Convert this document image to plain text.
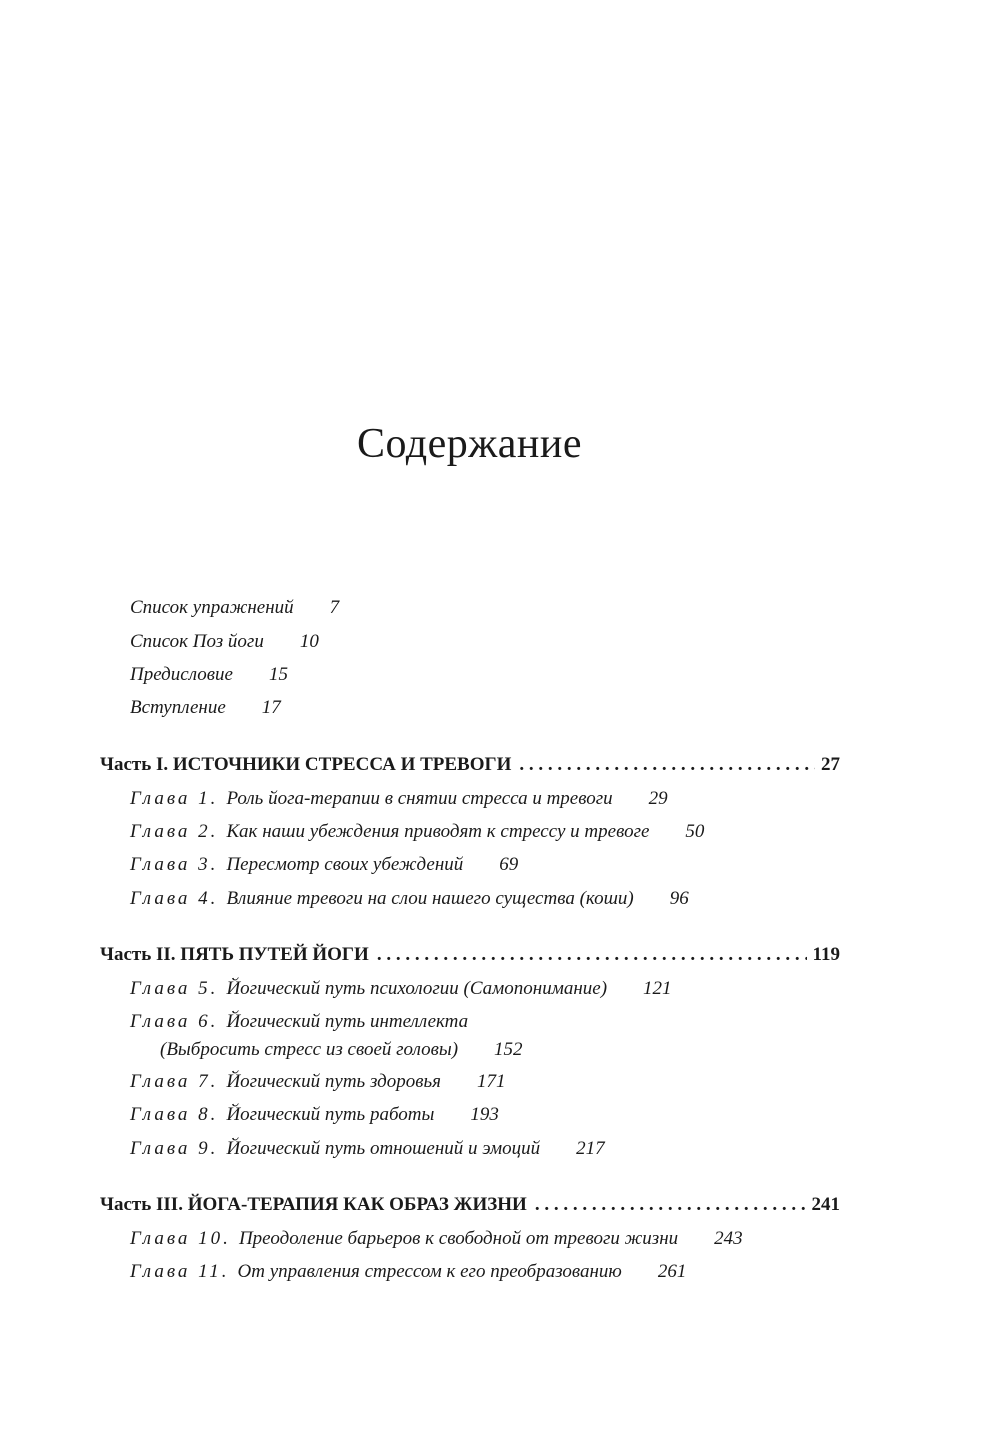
Содержание
Список упражнений 7
Список Поз йоги 10
Предисловие 15
Вступление 17
Часть I. ИСТОЧНИКИ СТРЕССА И ТРЕВОГИ . . .	27
Глава 1. Роль йога-терапии в снятии стресса и тревоги 29
Глава 2. Как наши убеждения приводят к стрессу и тревоге 50
Глава 3. Пересмотр своих убеждений 69
Глава 4. Влияние тревоги на слои нашего существа (коши) 96
Часть II. ПЯТЬ ПУТЕЙ ЙОГИ . . .	119
Глава 5. Йогический путь психологии (Самопонимание) 121
Глава 6. Йогический путь интеллекта
(Выбросить стресс из своей головы) 152
Глава 7. Йогический путь здоровья 171
Глава 8. Йогический путь работы 193
Глава 9. Йогический путь отношений и эмоций 217
Часть III. ЙОГА-ТЕРАПИЯ КАК ОБРАЗ ЖИЗНИ . . .	241
Глава 10. Преодоление барьеров к свободной от тревоги жизни 243
Глава 11. От управления стрессом к его преобразованию 261
